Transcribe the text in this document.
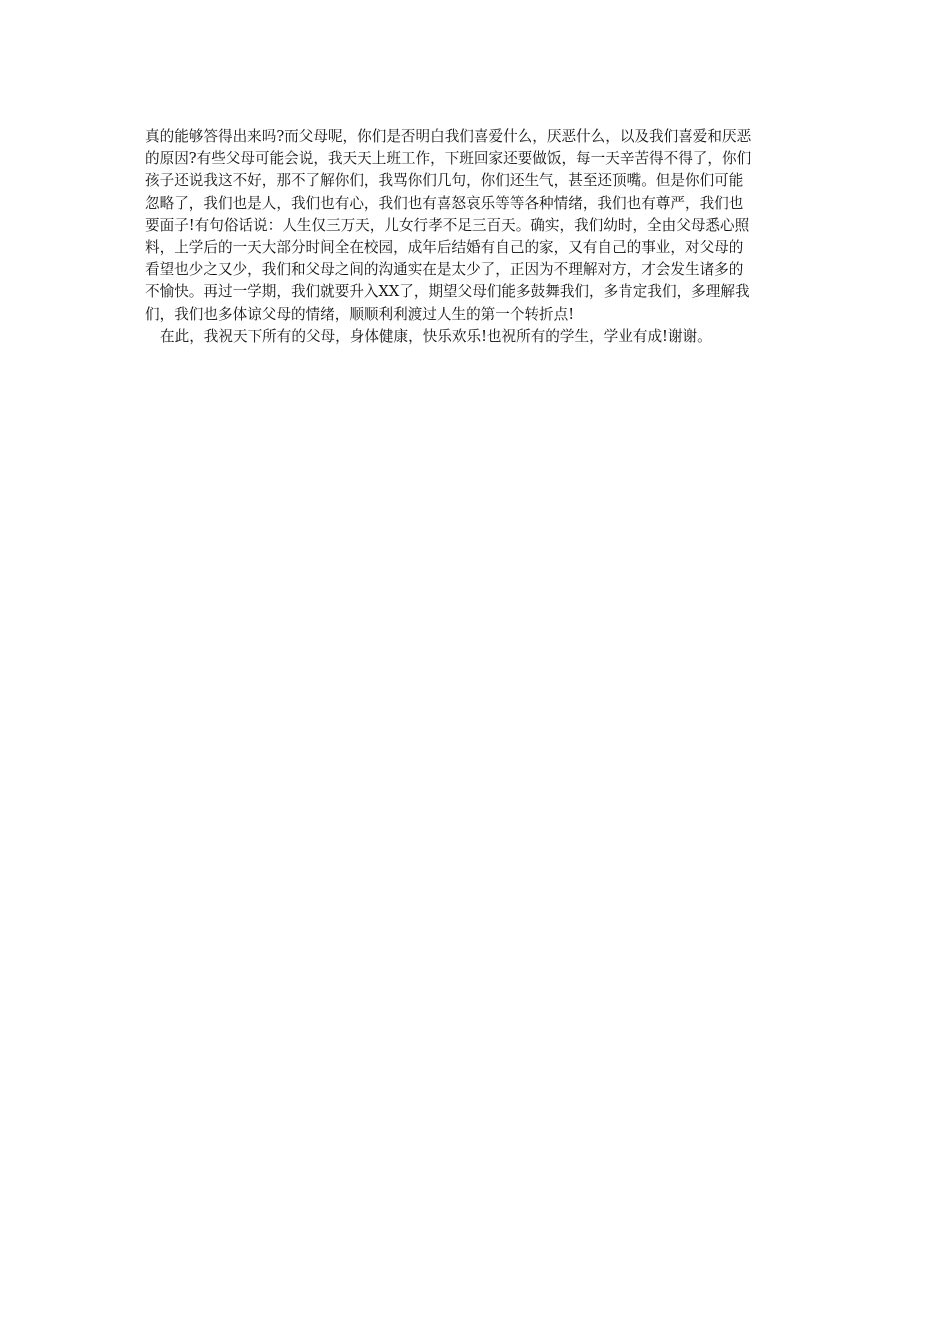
真的能够答得出来吗?而父母呢，你们是否明白我们喜爱什么，厌恶什么，以及我们喜爱和厌恶
的原因?有些父母可能会说，我天天上班工作，下班回家还要做饭，每一天辛苦得不得了，你们
孩子还说我这不好，那不了解你们，我骂你们几句，你们还生气，甚至还顶嘴。但是你们可能
忽略了，我们也是人，我们也有心，我们也有喜怒哀乐等等各种情绪，我们也有尊严，我们也
要面子!有句俗话说：人生仅三万天，儿女行孝不足三百天。确实，我们幼时，全由父母悉心照
料，上学后的一天大部分时间全在校园，成年后结婚有自己的家，又有自己的事业，对父母的
看望也少之又少，我们和父母之间的沟通实在是太少了，正因为不理解对方，才会发生诸多的
不愉快。再过一学期，我们就要升入XX了，期望父母们能多鼓舞我们，多肯定我们，多理解我
们，我们也多体谅父母的情绪，顺顺利利渡过人生的第一个转折点!
在此，我祝天下所有的父母，身体健康，快乐欢乐!也祝所有的学生，学业有成!谢谢。
